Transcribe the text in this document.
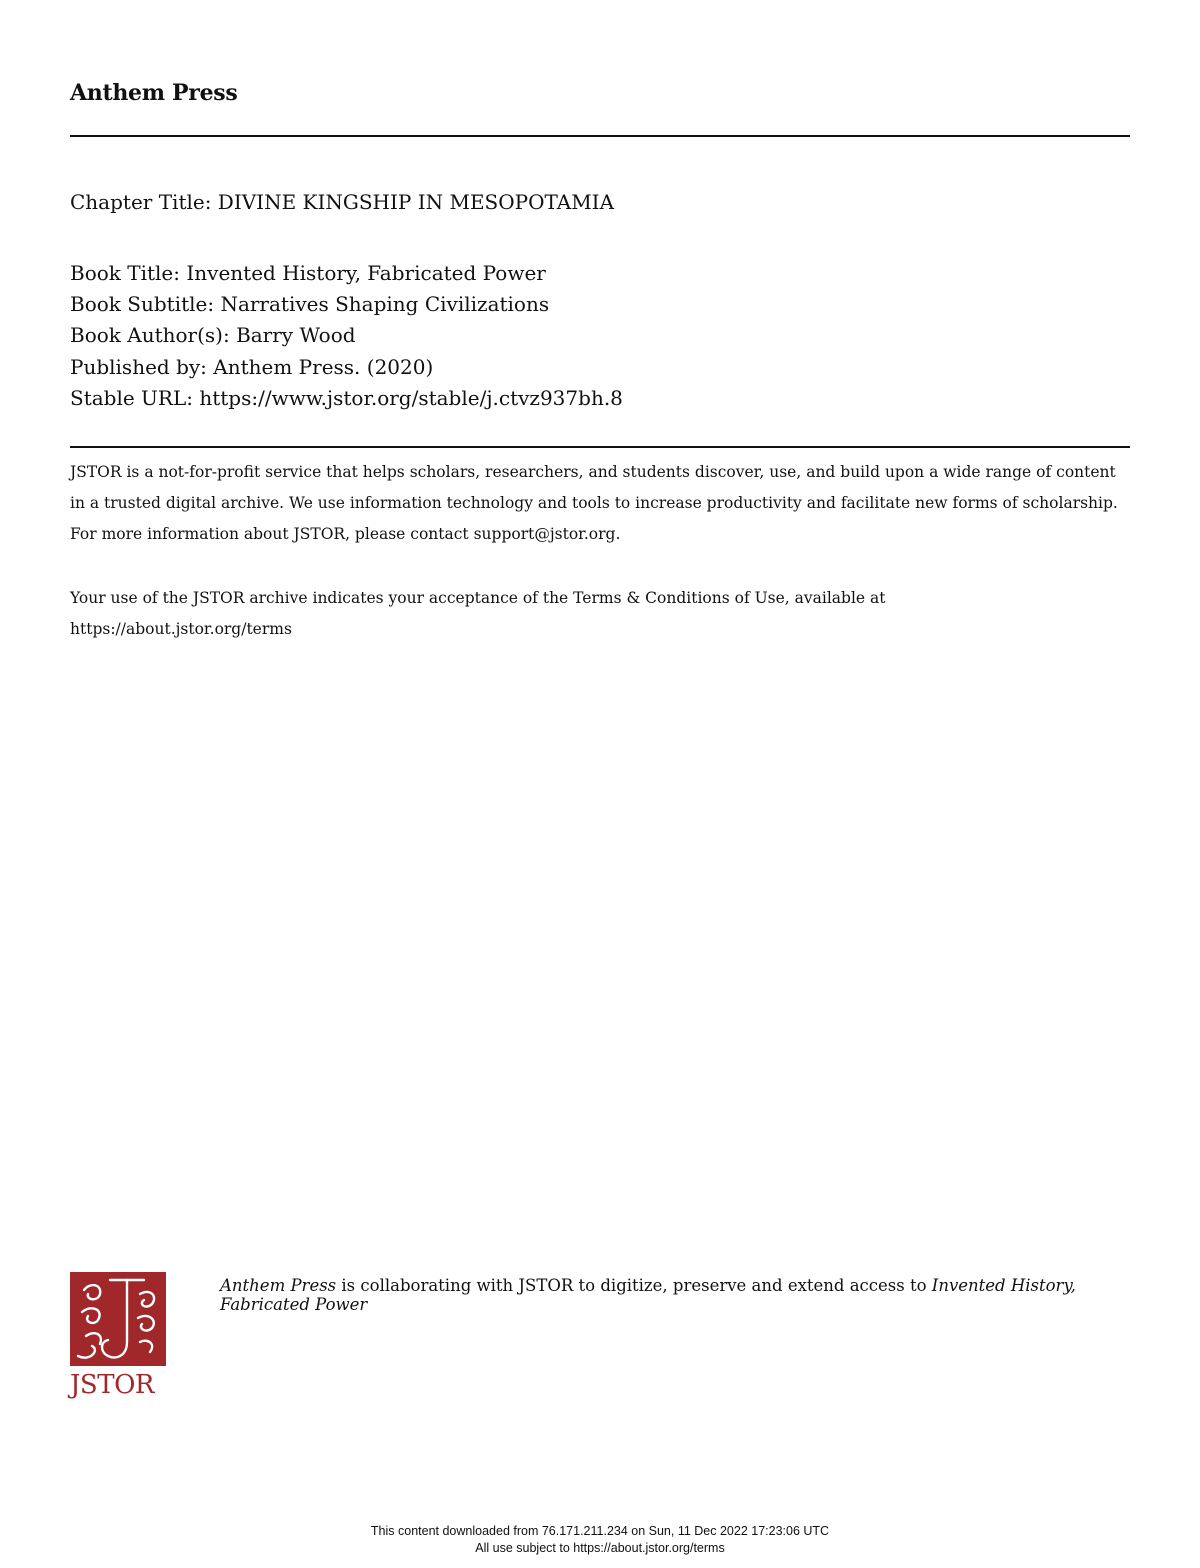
Anthem Press
Chapter Title: DIVINE KINGSHIP IN MESOPOTAMIA
Book Title: Invented History, Fabricated Power
Book Subtitle: Narratives Shaping Civilizations
Book Author(s): Barry Wood
Published by: Anthem Press. (2020)
Stable URL: https://www.jstor.org/stable/j.ctvz937bh.8

JSTOR is a not-for-profit service that helps scholars, researchers, and students discover, use, and build upon a wide range of content in a trusted digital archive. We use information technology and tools to increase productivity and facilitate new forms of scholarship. For more information about JSTOR, please contact support@jstor.org.

Your use of the JSTOR archive indicates your acceptance of the Terms & Conditions of Use, available at https://about.jstor.org/terms

JSTOR
Anthem Press is collaborating with JSTOR to digitize, preserve and extend access to Invented History, Fabricated Power
This content downloaded from 76.171.211.234 on Sun, 11 Dec 2022 17:23:06 UTC
All use subject to https://about.jstor.org/terms
